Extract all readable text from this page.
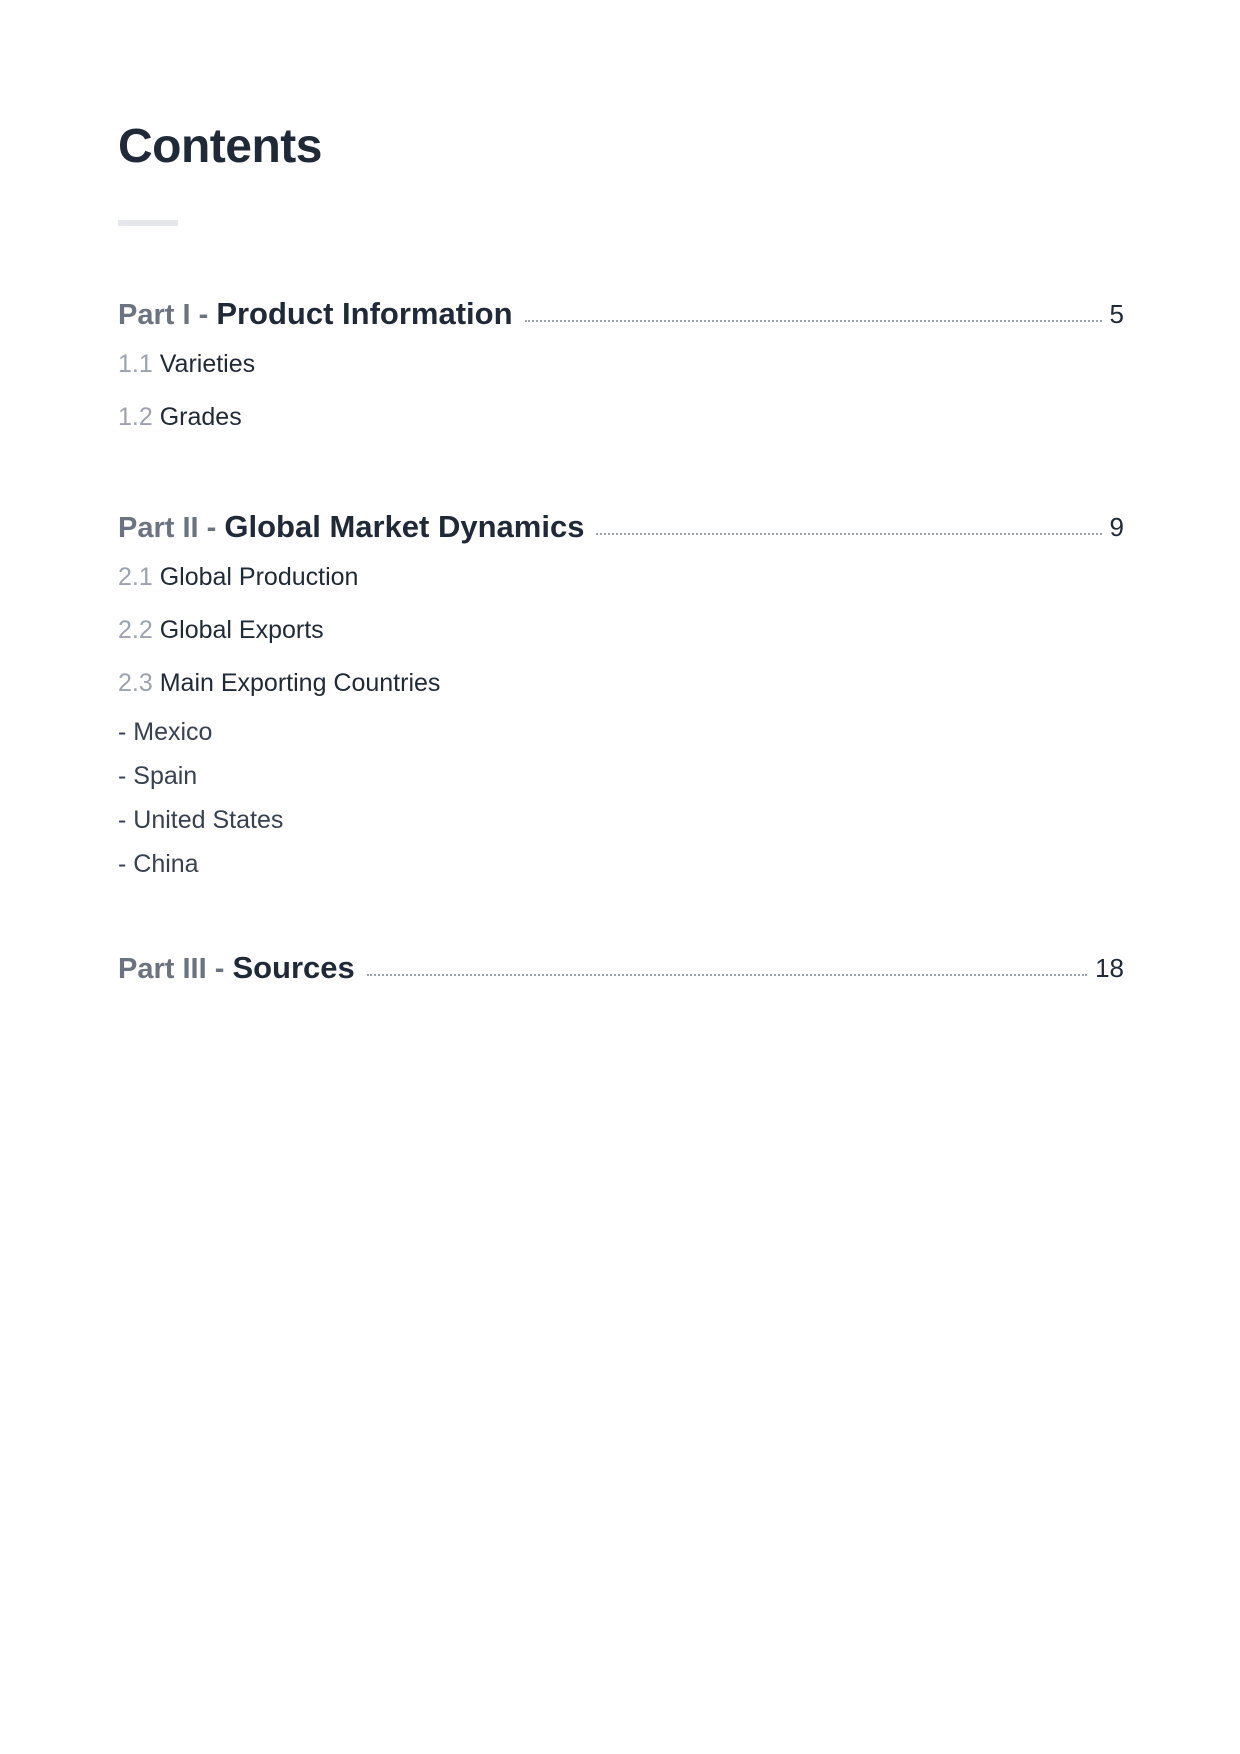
Contents
Part I - Product Information	5
1.1 Varieties
1.2 Grades
Part II - Global Market Dynamics	9
2.1 Global Production
2.2 Global Exports
2.3 Main Exporting Countries
- Mexico
- Spain
- United States
- China
Part III - Sources	18
